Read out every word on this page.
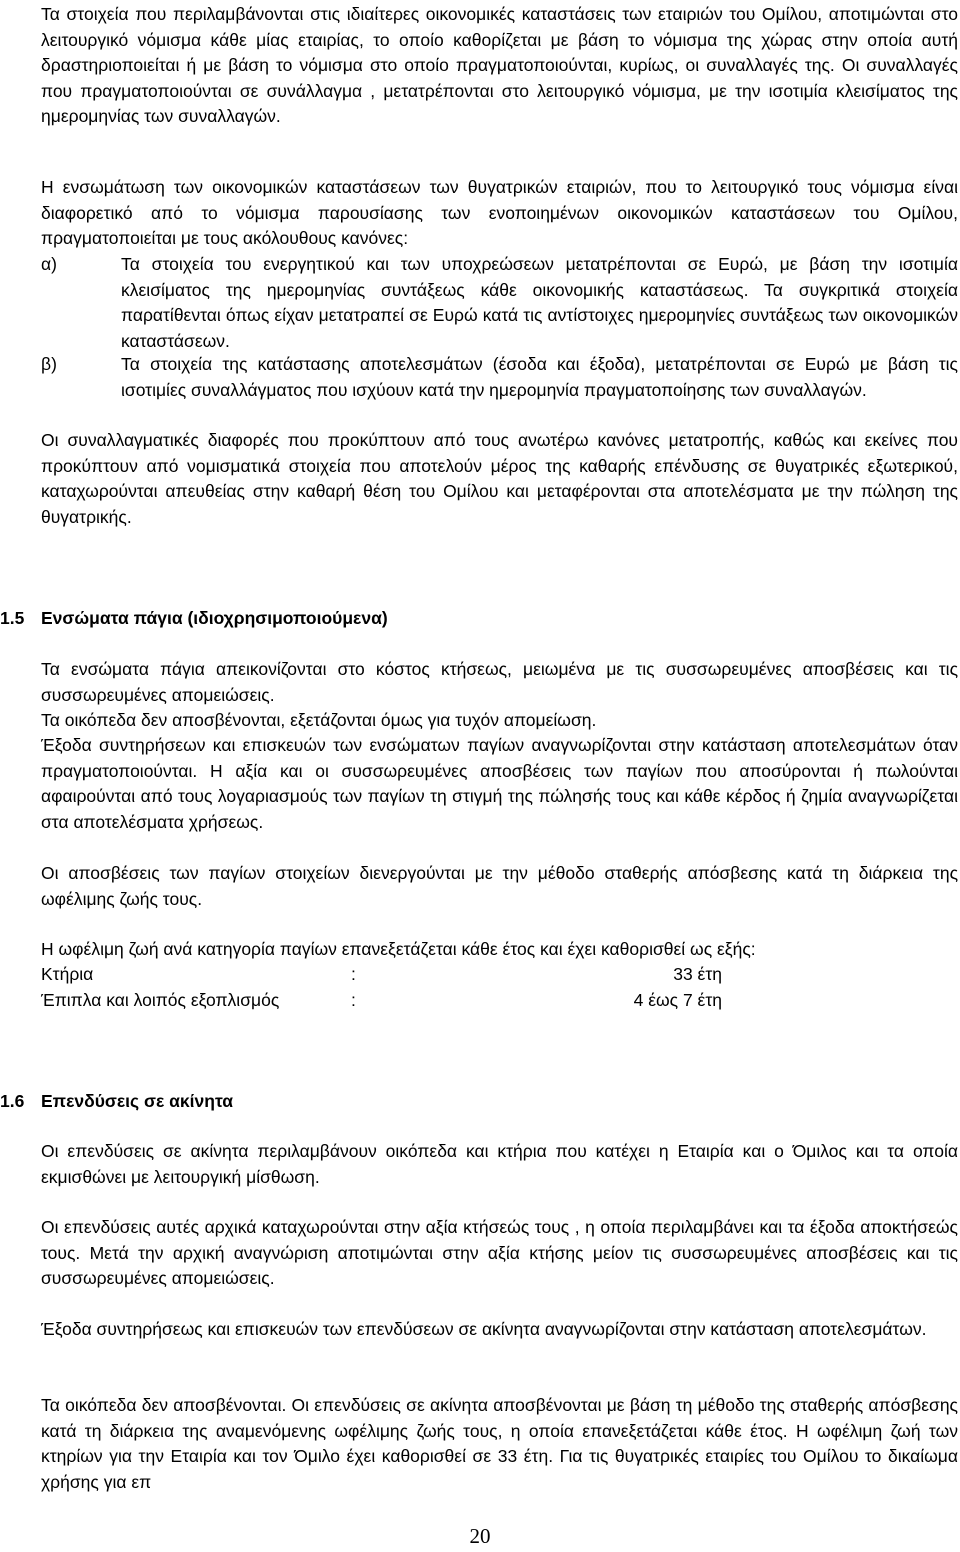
Τα στοιχεία που περιλαμβάνονται στις ιδιαίτερες οικονομικές καταστάσεις των εταιριών του Ομίλου, αποτιμώνται στο λειτουργικό νόμισμα κάθε μίας εταιρίας, το οποίο καθορίζεται με βάση το νόμισμα της χώρας στην οποία αυτή δραστηριοποιείται ή με βάση το νόμισμα στο οποίο πραγματοποιούνται, κυρίως, οι συναλλαγές της. Οι συναλλαγές που πραγματοποιούνται σε συνάλλαγμα , μετατρέπονται στο λειτουργικό νόμισμα, με την ισοτιμία κλεισίματος της ημερομηνίας των συναλλαγών.

Η ενσωμάτωση των οικονομικών καταστάσεων των θυγατρικών εταιριών, που το λειτουργικό τους νόμισμα είναι διαφορετικό από το νόμισμα παρουσίασης των ενοποιημένων οικονομικών καταστάσεων του Ομίλου, πραγματοποιείται με τους ακόλουθους κανόνες:

α)	Τα στοιχεία του ενεργητικού και των υποχρεώσεων μετατρέπονται σε Ευρώ, με βάση την ισοτιμία κλεισίματος της ημερομηνίας συντάξεως κάθε οικονομικής καταστάσεως. Τα συγκριτικά στοιχεία παρατίθενται όπως είχαν μετατραπεί σε Ευρώ κατά τις αντίστοιχες ημερομηνίες συντάξεως των οικονομικών καταστάσεων.
β)	Τα στοιχεία της κατάστασης αποτελεσμάτων (έσοδα και έξοδα), μετατρέπονται σε Ευρώ με βάση τις ισοτιμίες συναλλάγματος που ισχύουν κατά την ημερομηνία πραγματοποίησης των συναλλαγών.

Οι συναλλαγματικές διαφορές που προκύπτουν από τους ανωτέρω κανόνες μετατροπής, καθώς και εκείνες που προκύπτουν από νομισματικά στοιχεία που αποτελούν μέρος της καθαρής επένδυσης σε θυγατρικές εξωτερικού, καταχωρούνται απευθείας στην καθαρή θέση του Ομίλου και μεταφέρονται στα αποτελέσματα με την πώληση της θυγατρικής.

1.5 Ενσώματα πάγια (ιδιοχρησιμοποιούμενα)

Τα ενσώματα πάγια απεικονίζονται στο κόστος κτήσεως, μειωμένα με τις συσσωρευμένες αποσβέσεις και τις συσσωρευμένες απομειώσεις.

Τα οικόπεδα δεν αποσβένονται, εξετάζονται όμως για τυχόν απομείωση.

Έξοδα συντηρήσεων και επισκευών των ενσώματων παγίων αναγνωρίζονται στην κατάσταση αποτελεσμάτων όταν πραγματοποιούνται. Η αξία και οι συσσωρευμένες αποσβέσεις των παγίων που αποσύρονται ή πωλούνται αφαιρούνται από τους λογαριασμούς των παγίων τη στιγμή της πώλησής τους και κάθε κέρδος ή ζημία αναγνωρίζεται στα αποτελέσματα χρήσεως.

Οι αποσβέσεις των παγίων στοιχείων διενεργούνται με την μέθοδο σταθερής απόσβεσης κατά τη διάρκεια της ωφέλιμης ζωής τους.

Η ωφέλιμη ζωή ανά κατηγορία παγίων επανεξετάζεται κάθε έτος και έχει καθορισθεί ως εξής:

Κτήρια	:	33 έτη
Έπιπλα και λοιπός εξοπλισμός	:	4 έως 7 έτη
1.6 Επενδύσεις σε ακίνητα

Οι επενδύσεις σε ακίνητα περιλαμβάνουν οικόπεδα και κτήρια που κατέχει η Εταιρία και ο Όμιλος και τα οποία εκμισθώνει με λειτουργική μίσθωση.

Οι επενδύσεις αυτές αρχικά καταχωρούνται στην αξία κτήσεώς τους , η οποία περιλαμβάνει και τα έξοδα αποκτήσεώς τους. Μετά την αρχική αναγνώριση αποτιμώνται στην αξία κτήσης μείον τις συσσωρευμένες αποσβέσεις και τις συσσωρευμένες απομειώσεις.

Έξοδα συντηρήσεως και επισκευών των επενδύσεων σε ακίνητα αναγνωρίζονται στην κατάσταση αποτελεσμάτων.

Τα οικόπεδα δεν αποσβένονται. Οι επενδύσεις σε ακίνητα αποσβένονται με βάση τη μέθοδο της σταθερής απόσβεσης κατά τη διάρκεια της αναμενόμενης ωφέλιμης ζωής τους, η οποία επανεξετάζεται κάθε έτος. Η ωφέλιμη ζωή των κτηρίων για την Εταιρία και τον Όμιλο έχει καθορισθεί σε 33 έτη. Για τις θυγατρικές εταιρίες του Ομίλου το δικαίωμα χρήσης για επ

20
